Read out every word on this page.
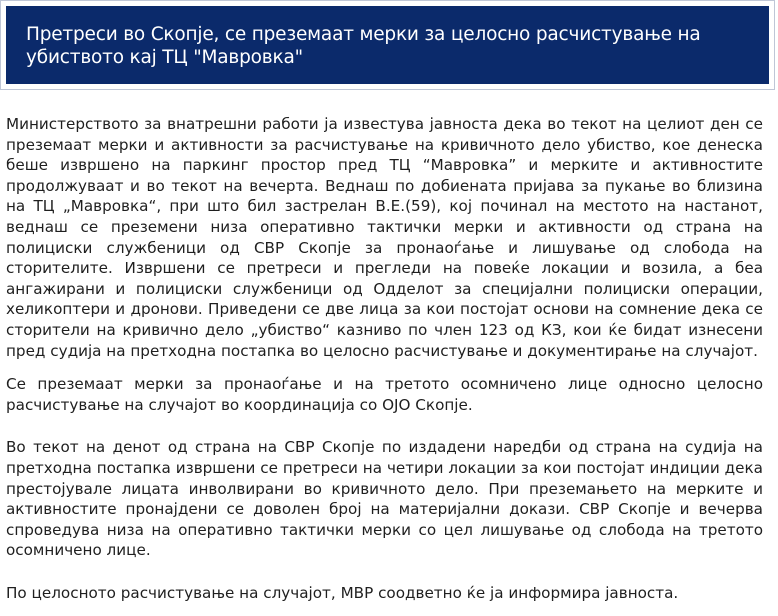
Претреси во Скопје, се преземаат мерки за целосно расчистување на убиството кај ТЦ "Мавровка"

Министерството за внатрешни работи ја известува јавноста дека во текот на целиот ден се преземаат мерки и активности за расчистување на кривичното дело убиство, кое денеска беше извршено на паркинг простор пред ТЦ “Мавровка” и мерките и активностите продолжуваат и во текот на вечерта. Веднаш по добиената пријава за пукање во близина на ТЦ „Мавровка“, при што бил застрелан В.Е.(59), кој починал на местото на настанот, веднаш се преземени низа оперативно тактички мерки и активности од страна на полициски службеници од СВР Скопје за пронаоѓање и лишување од слобода на сторителите. Извршени се претреси и прегледи на повеќе локации и возила, а беа ангажирани и полициски службеници од Одделот за специјални полициски операции, хеликоптери и дронови. Приведени се две лица за кои постојат основи на сомнение дека се сторители на кривично дело „убиство“ казниво по член 123 од КЗ, кои ќе бидат изнесени пред судија на претходна постапка во целосно расчистување и документирање на случајот.

Се преземаат мерки за пронаоѓање и на третото осомничено лице односно целосно расчистување на случајот во координација со ОЈО Скопје.

Во текот на денот од страна на СВР Скопје по издадени наредби од страна на судија на претходна постапка извршени се претреси на четири локации за кои постојат индиции дека престојувале лицата инволвирани во кривичното дело. При преземањето на мерките и активностите пронајдени се доволен број на материјални докази. СВР Скопје и вечерва спроведува низа на оперативно тактички мерки со цел лишување од слобода на третото осомничено лице.

По целосното расчистување на случајот, МВР соодветно ќе ја информира јавноста.
